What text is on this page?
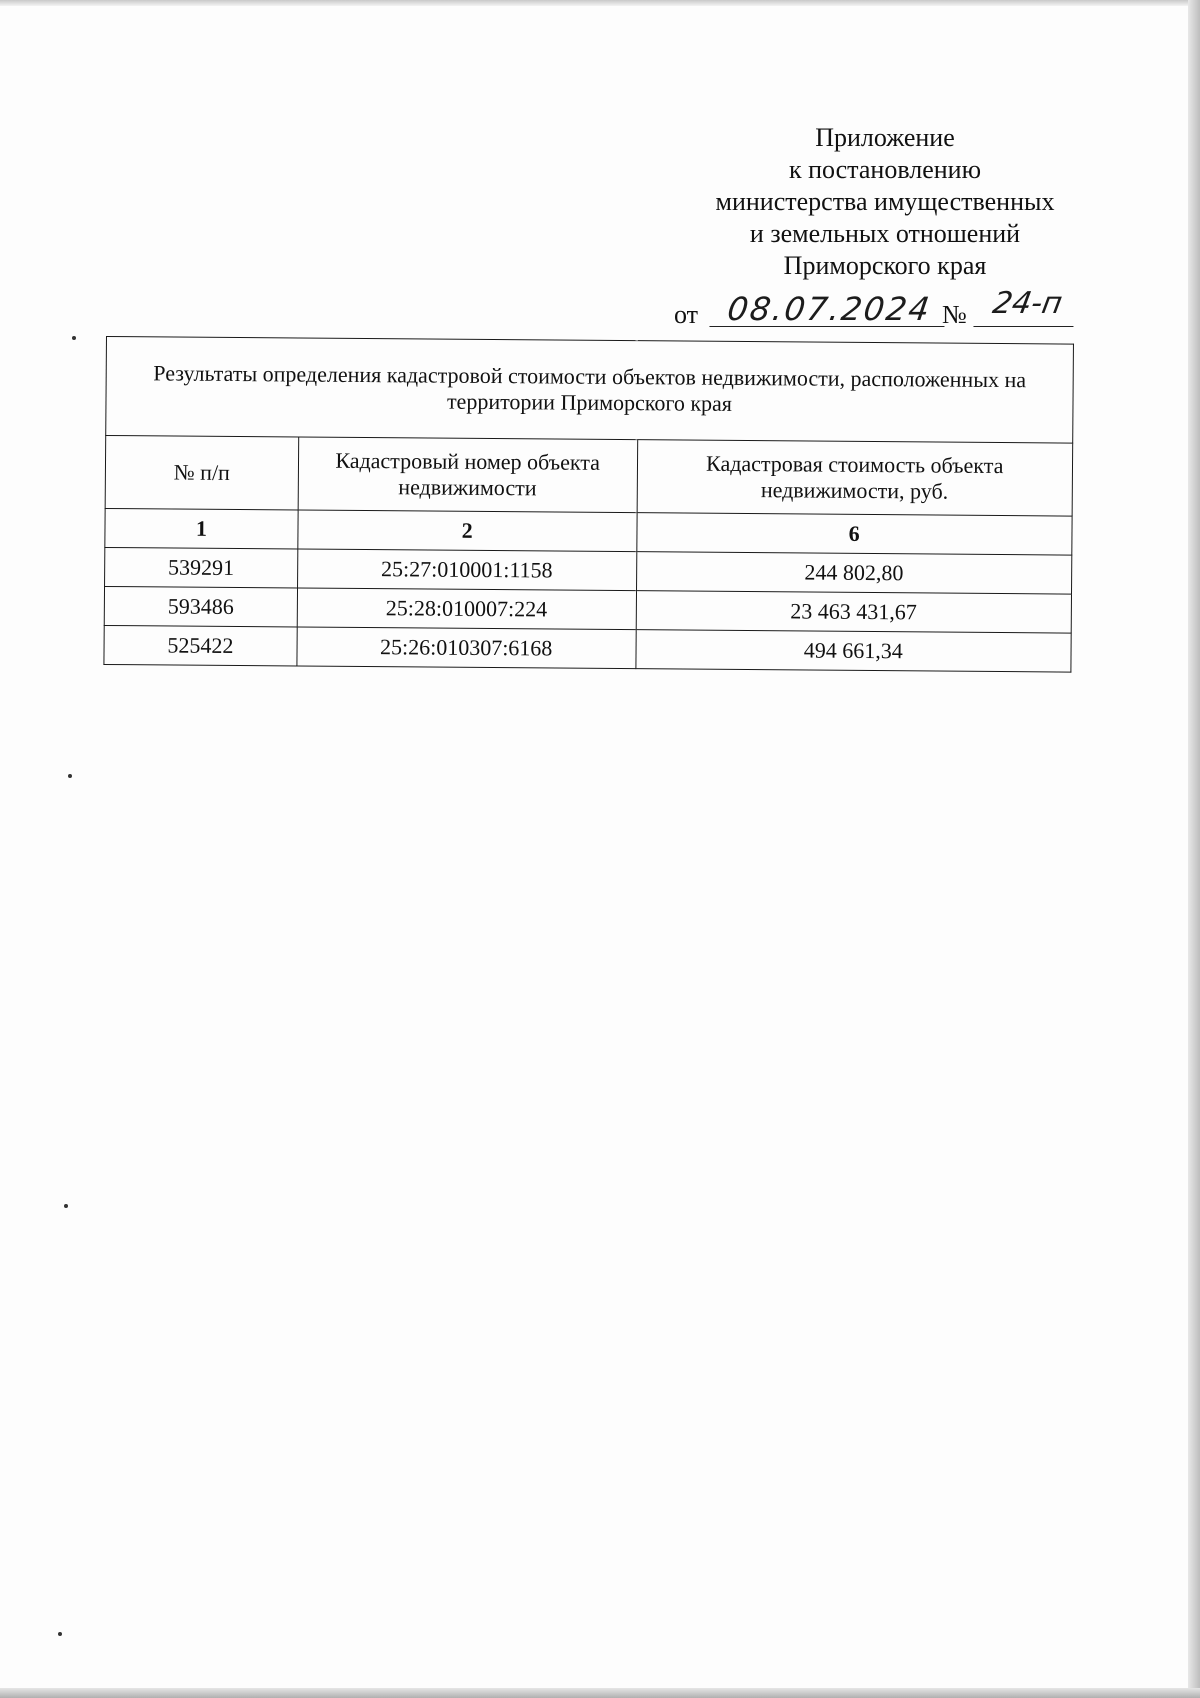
Приложение
к постановлению
министерства имущественных
и земельных отношений
Приморского края
от 08.07.2024 № 24-п
Результаты определения кадастровой стоимости объектов недвижимости, расположенных на территории Приморского края		
№ п/п	Кадастровый номер объекта недвижимости	Кадастровая стоимость объекта недвижимости, руб.
1	2	6
539291	25:27:010001:1158	244 802,80
593486	25:28:010007:224	23 463 431,67
525422	25:26:010307:6168	494 661,34
